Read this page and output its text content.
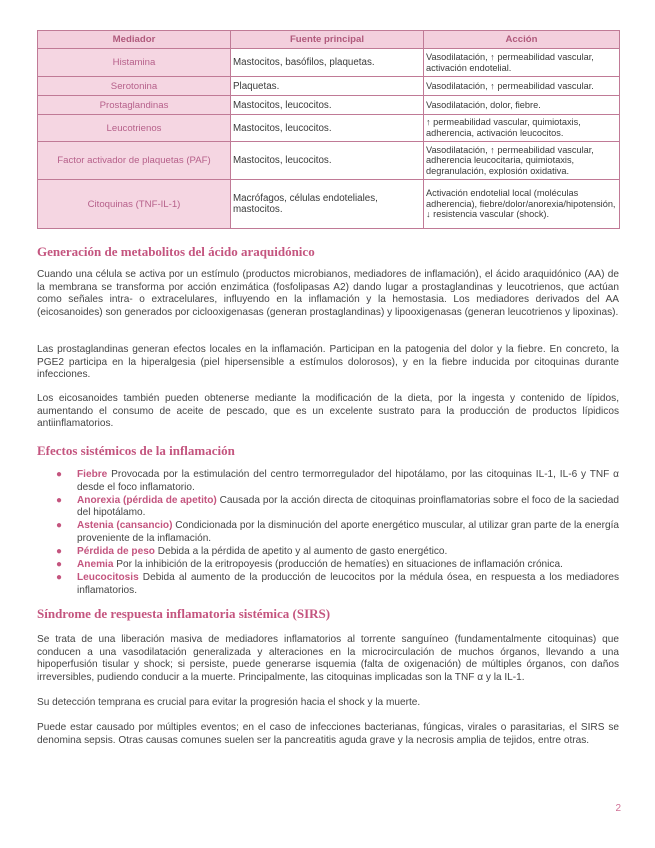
Mediador	Fuente principal	Acción
Histamina	Mastocitos, basófilos, plaquetas.	Vasodilatación, ↑ permeabilidad vascular, activación endotelial.
Serotonina	Plaquetas.	Vasodilatación, ↑ permeabilidad vascular.
Prostaglandinas	Mastocitos, leucocitos.	Vasodilatación, dolor, fiebre.
Leucotrienos	Mastocitos, leucocitos.	↑ permeabilidad vascular, quimiotaxis, adherencia, activación leucocitos.
Factor activador de plaquetas (PAF)	Mastocitos, leucocitos.	Vasodilatación, ↑ permeabilidad vascular, adherencia leucocitaria, quimiotaxis, degranulación, explosión oxidativa.
Citoquinas (TNF-IL-1)	Macrófagos, células endoteliales, mastocitos.	Activación endotelial local (moléculas adherencia), fiebre/dolor/anorexia/hipotensión, ↓ resistencia vascular (shock).
Generación de metabolitos del ácido araquidónico

Cuando una célula se activa por un estímulo (productos microbianos, mediadores de inflamación), el ácido araquidónico (AA) de la membrana se transforma por acción enzimática (fosfolipasas A2) dando lugar a prostaglandinas y leucotrienos, que actúan como señales intra- o extracelulares, influyendo en la inflamación y la hemostasia. Los mediadores derivados del AA (eicosanoides) son generados por ciclooxigenasas (generan prostaglandinas) y lipooxigenasas (generan leucotrienos y lipoxinas).

Las prostaglandinas generan efectos locales en la inflamación. Participan en la patogenia del dolor y la fiebre. En concreto, la PGE2 participa en la hiperalgesia (piel hipersensible a estímulos dolorosos), y en la fiebre inducida por citoquinas durante infecciones.

Los eicosanoides también pueden obtenerse mediante la modificación de la dieta, por la ingesta y contenido de lípidos, aumentando el consumo de aceite de pescado, que es un excelente sustrato para la producción de productos lípidicos antiinflamatorios.

Efectos sistémicos de la inflamación
● Fiebre Provocada por la estimulación del centro termorregulador del hipotálamo, por las citoquinas IL-1, IL-6 y TNF α desde el foco inflamatorio.
● Anorexia (pérdida de apetito) Causada por la acción directa de citoquinas proinflamatorias sobre el foco de la saciedad del hipotálamo.
● Astenia (cansancio) Condicionada por la disminución del aporte energético muscular, al utilizar gran parte de la energía proveniente de la inflamación.
● Pérdida de peso Debida a la pérdida de apetito y al aumento de gasto energético.
● Anemia Por la inhibición de la eritropoyesis (producción de hematíes) en situaciones de inflamación crónica.
● Leucocitosis Debida al aumento de la producción de leucocitos por la médula ósea, en respuesta a los mediadores inflamatorios.
Síndrome de respuesta inflamatoria sistémica (SIRS)

Se trata de una liberación masiva de mediadores inflamatorios al torrente sanguíneo (fundamentalmente citoquinas) que conducen a una vasodilatación generalizada y alteraciones en la microcirculación de muchos órganos, llevando a una hipoperfusión tisular y shock; si persiste, puede generarse isquemia (falta de oxigenación) de múltiples órganos, con daños irreversibles, pudiendo conducir a la muerte. Principalmente, las citoquinas implicadas son la TNF α y la IL-1.

Su detección temprana es crucial para evitar la progresión hacia el shock y la muerte.

Puede estar causado por múltiples eventos; en el caso de infecciones bacterianas, fúngicas, virales o parasitarias, el SIRS se denomina sepsis. Otras causas comunes suelen ser la pancreatitis aguda grave y la necrosis amplia de tejidos, entre otras.

2
